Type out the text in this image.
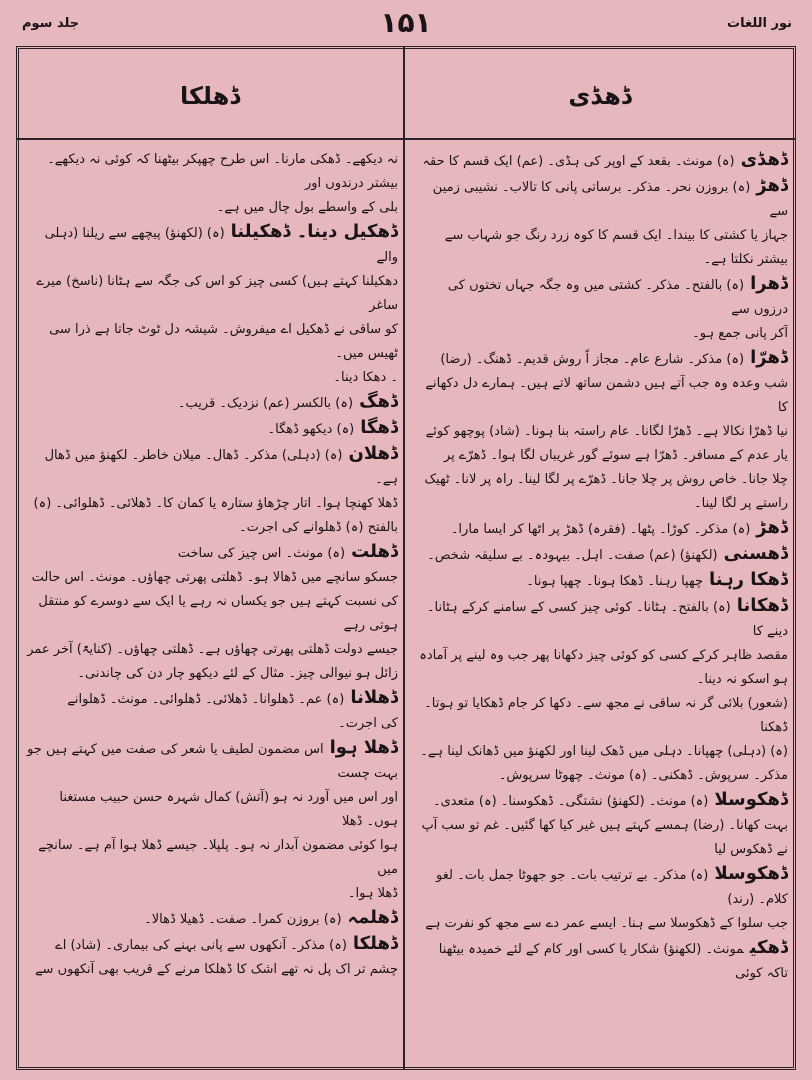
جلد سوم	۱۵۱	نور اللغات
ڈھڈی
ڈھلکا

ڈھڈی(ہ) مونث۔ بقعد کے اوپر کی ہڈی۔ (عم) ایک قسم کا حقہ

ڈھڑ(ہ) بروزن نحر۔ مذکر۔ برساتی پانی کا تالاب۔ نشیبی زمین سے

جہاز یا کشتی کا بیندا۔ ایک قسم کا کوہ زرد رنگ جو شہاب سے بیشتر نکلتا ہے۔

ڈھرا(ہ) بالفتح۔ مذکر۔ کشتی میں وہ جگہ جہاں تختوں کی درزوں سے

آکر پانی جمع ہو۔

ڈھرّا(ہ) مذکر۔ شارع عام۔ مجاز اً روش قدیم۔ ڈھنگ۔ (رضا)

شب وعدہ وہ جب آتے ہیں دشمن ساتھ لاتے ہیں۔ ہمارے دل دکھانے کا

نیا ڈھرّا نکالا ہے۔ ڈھرّا لگانا۔ عام راستہ بنا ہونا۔ (شاد) پوچھو کوئے

یار عدم کے مسافر۔ ڈھرّا ہے سوئے گور غریباں لگا ہوا۔ ڈھرّے پر

چلا جانا۔ خاص روش پر چلا جانا۔ ڈھرّے پر لگا لینا۔ راہ پر لانا۔ ٹھیک

راستے پر لگا لینا۔

ڈھڑ(ہ) مذکر۔ کوڑا۔ پٹھا۔ (فقرہ) ڈھڑ پر اٹھا کر ایسا مارا۔

ڈھسنی(لکھنؤ) (عم) صفت۔ اہل۔ بیہودہ۔ بے سلیقہ شخص۔

ڈھکا رہناچھپا رہنا۔ ڈھکا ہونا۔ چھپا ہونا۔

ڈھکانا(ہ) بالفتح۔ ہٹانا۔ کوئی چیز کسی کے سامنے کرکے ہٹانا۔ دینے کا

مقصد ظاہر کرکے کسی کو کوئی چیز دکھانا پھر جب وہ لینے پر آمادہ ہو اسکو نہ دینا۔

(شعور) بلائی گر نہ ساقی نے مجھ سے۔ دکھا کر جام ڈھکایا تو ہوتا۔ ڈھکنا

(ہ) (دہلی) چھپانا۔ دہلی میں ڈھک لینا اور لکھنؤ میں ڈھانک لینا ہے۔

مذکر۔ سرپوش۔ ڈھکنی۔ (ہ) مونث۔ چھوٹا سرپوش۔

ڈھکوسلا(ہ) مونث۔ (لکھنؤ) نشتگی۔ ڈھکوسنا۔ (ہ) متعدی۔

بہت کھانا۔ (رضا) ہمسے کہتے ہیں غیر کیا کھا گئیں۔ غم تو سب آپ نے ڈھکوس لیا

ڈھکوسلا(ہ) مذکر۔ بے ترتیب بات۔ جو جھوٹا جمل بات۔ لغو کلام۔ (رند)

جب سلوا کے ڈھکوسلا سے ہنا۔ ایسے عمر دے سے مجھ کو نفرت ہے

ڈھکیمونث۔ (لکھنؤ) شکار یا کسی اور کام کے لئے خمیدہ بیٹھنا تاکہ کوئی

نہ دیکھے۔ ڈھکی مارنا۔ اس طرح چھپکر بیٹھنا کہ کوئی نہ دیکھے۔ بیشتر درندوں اور

بلی کے واسطے بول چال میں ہے۔

ڈھکیل دینا۔ ڈھکیلنا(ہ) (لکھنؤ) پیچھے سے ریلنا (دہلی والے

دھکیلنا کہتے ہیں) کسی چیز کو اس کی جگہ سے ہٹانا (ناسخ) میرے ساغر

کو ساقی نے ڈھکیل اے میفروش۔ شیشہ دل ٹوٹ جاتا ہے ذرا سی ٹھیس میں۔

۔ دھکا دینا۔

ڈھگ(ہ) بالکسر (عم) نزدیک۔ قریب۔

ڈھگا(ہ) دیکھو ڈھگا۔

ڈھلان(ہ) (دہلی) مذکر۔ ڈھال۔ میلان خاطر۔ لکھنؤ میں ڈھال ہے۔

ڈھلا کھنچا ہوا۔ اتار چڑھاؤ ستارہ یا کمان کا۔ ڈھلائی۔ ڈھلوائی۔ (ہ)

بالفتح (ہ) ڈھلوانے کی اجرت۔

ڈھلت(ہ) مونث۔ اس چیز کی ساخت

جسکو سانچے میں ڈھالا ہو۔ ڈھلتی پھرتی چھاؤں۔ مونث۔ اس حالت

کی نسبت کہتے ہیں جو یکساں نہ رہے یا ایک سے دوسرے کو منتقل ہوتی رہے

جیسے دولت ڈھلتی پھرتی چھاؤں ہے۔ ڈھلتی چھاؤں۔ (کنایۃً) آخر عمر

زائل ہو نیوالی چیز۔ مثال کے لئے دیکھو چار دن کی چاندنی۔

ڈھلانا(ہ) عم۔ ڈھلوانا۔ ڈھلائی۔ ڈھلوائی۔ مونث۔ ڈھلوانے

کی اجرت۔

ڈھلا ہوااس مضمون لطیف یا شعر کی صفت میں کہتے ہیں جو بہت چست

اور اس میں آورد نہ ہو (آتش) کمال شہرہ حسن حبیب مستغنا ہوں۔ ڈھلا

ہوا کوئی مضمون آبدار نہ ہو۔ پلپلا۔ جیسے ڈھلا ہوا آم ہے۔ سانچے میں

ڈھلا ہوا۔

ڈھلمہ(ہ) بروزن کمرا۔ صفت۔ ڈھیلا ڈھالا۔

ڈھلکا(ہ) مذکر۔ آنکھوں سے پانی بہنے کی بیماری۔ (شاد) اے

چشم تر اک پل نہ تھے اشک کا ڈھلکا مرنے کے قریب بھی آنکھوں سے
